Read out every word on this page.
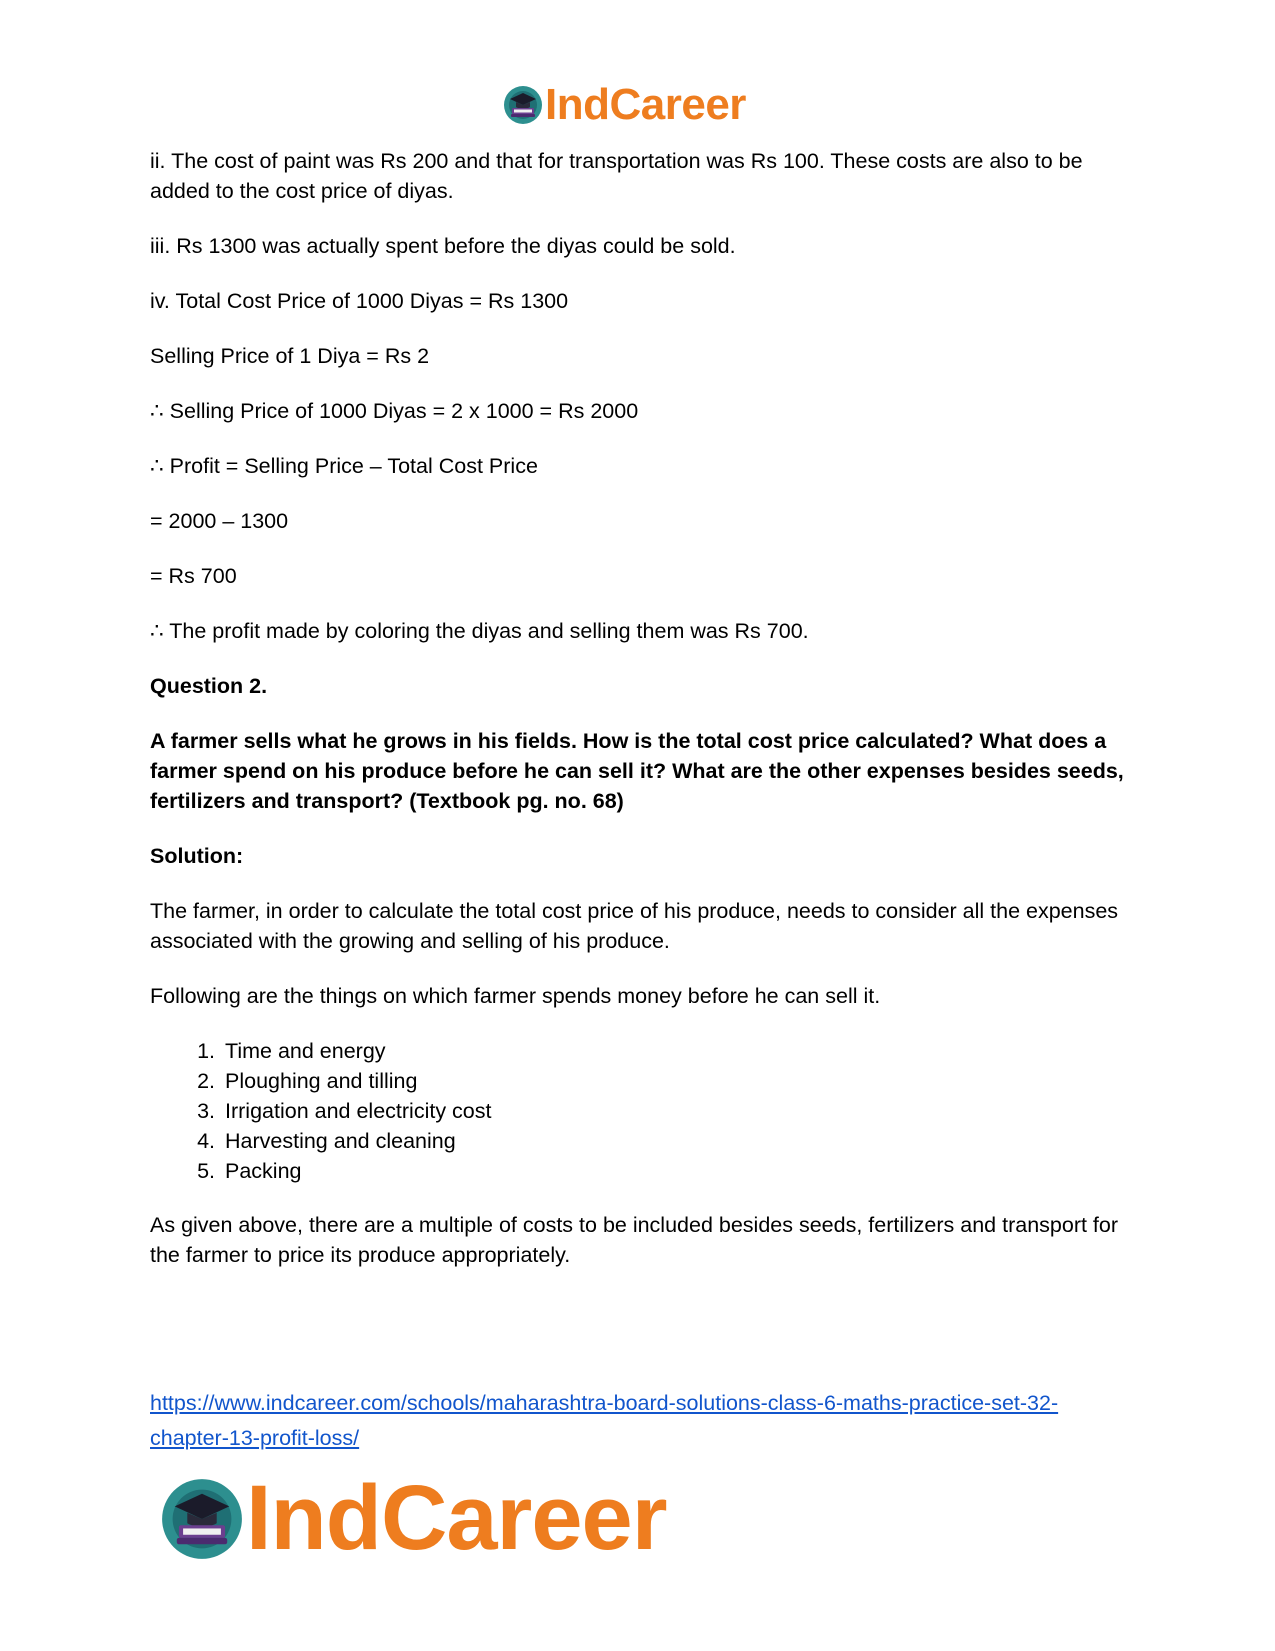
IndCareer

ii. The cost of paint was Rs 200 and that for transportation was Rs 100. These costs are also to be added to the cost price of diyas.

iii. Rs 1300 was actually spent before the diyas could be sold.

iv. Total Cost Price of 1000 Diyas = Rs 1300

Selling Price of 1 Diya = Rs 2

∴ Selling Price of 1000 Diyas = 2 x 1000 = Rs 2000

∴ Profit = Selling Price – Total Cost Price

= 2000 – 1300

= Rs 700

∴ The profit made by coloring the diyas and selling them was Rs 700.

Question 2.

A farmer sells what he grows in his fields. How is the total cost price calculated? What does a farmer spend on his produce before he can sell it? What are the other expenses besides seeds, fertilizers and transport? (Textbook pg. no. 68)

Solution:

The farmer, in order to calculate the total cost price of his produce, needs to consider all the expenses associated with the growing and selling of his produce.

Following are the things on which farmer spends money before he can sell it.

1. Time and energy
2. Ploughing and tilling
3. Irrigation and electricity cost
4. Harvesting and cleaning
5. Packing

As given above, there are a multiple of costs to be included besides seeds, fertilizers and transport for the farmer to price its produce appropriately.

https://www.indcareer.com/schools/maharashtra-board-solutions-class-6-maths-practice-set-32-
chapter-13-profit-loss/
IndCareer
